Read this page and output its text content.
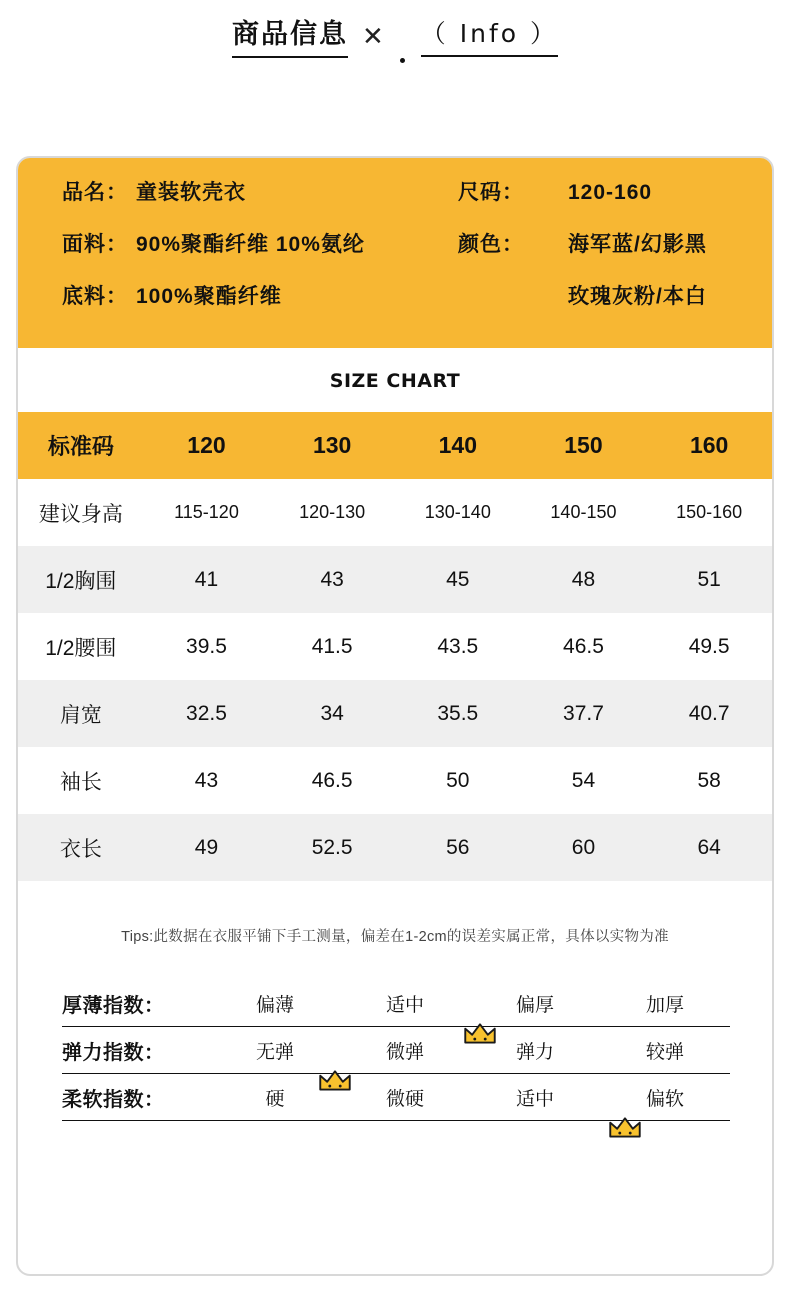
商品信息 ✕ （ Info ）
品名： 童装软壳衣	尺码：	120-160
面料： 90%聚酯纤维 10%氨纶	颜色：	海军蓝/幻影黑
底料： 100%聚酯纤维	玫瑰灰粉/本白
SIZE CHART
标准码	120	130	140	150	160
建议身高	115-120	120-130	130-140	140-150	150-160
1/2胸围	41	43	45	48	51
1/2腰围	39.5	41.5	43.5	46.5	49.5
肩宽	32.5	34	35.5	37.7	40.7
袖长	43	46.5	50	54	58
衣长	49	52.5	56	60	64
Tips:此数据在衣服平铺下手工测量，偏差在1-2cm的误差实属正常，具体以实物为准
厚薄指数：	偏薄	适中	偏厚	加厚
弹力指数：	无弹	微弹	弹力	较弹
柔软指数：	硬	微硬	适中	偏软
